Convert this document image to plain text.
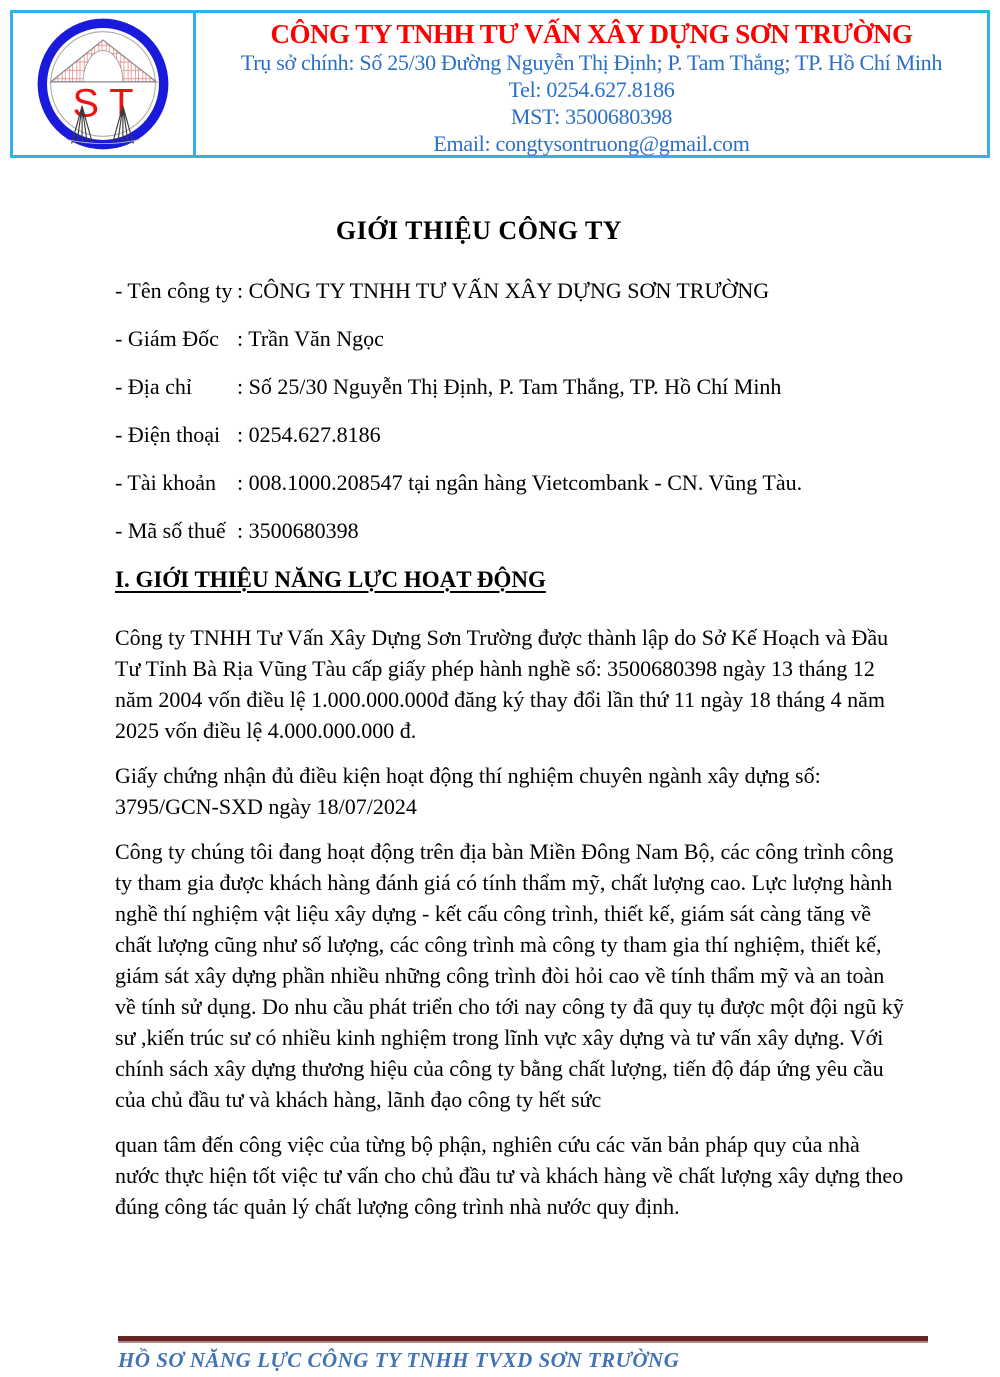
S T
CÔNG TY TNHH TƯ VẤN XÂY DỰNG SƠN TRƯỜNG
Trụ sở chính: Số 25/30 Đường Nguyễn Thị Định; P. Tam Thắng; TP. Hồ Chí Minh
Tel: 0254.627.8186
MST: 3500680398
Email: congtysontruong@gmail.com
GIỚI THIỆU CÔNG TY
- Tên công ty : CÔNG TY TNHH TƯ VẤN XÂY DỰNG SƠN TRƯỜNG
- Giám Đốc : Trần Văn Ngọc
- Địa chỉ : Số 25/30 Nguyễn Thị Định, P. Tam Thắng, TP. Hồ Chí Minh
- Điện thoại : 0254.627.8186
- Tài khoản : 008.1000.208547 tại ngân hàng Vietcombank - CN. Vũng Tàu.
- Mã số thuế : 3500680398
I. GIỚI THIỆU NĂNG LỰC HOẠT ĐỘNG

Công ty TNHH Tư Vấn Xây Dựng Sơn Trường được thành lập do Sở Kế Hoạch và Đầu Tư Tỉnh Bà Rịa Vũng Tàu cấp giấy phép hành nghề số: 3500680398 ngày 13 tháng 12 năm 2004 vốn điều lệ 1.000.000.000đ đăng ký thay đổi lần thứ 11 ngày 18 tháng 4 năm 2025 vốn điều lệ 4.000.000.000 đ.

Giấy chứng nhận đủ điều kiện hoạt động thí nghiệm chuyên ngành xây dựng số: 3795/GCN-SXD ngày 18/07/2024

Công ty chúng tôi đang hoạt động trên địa bàn Miền Đông Nam Bộ, các công trình công ty tham gia được khách hàng đánh giá có tính thẩm mỹ, chất lượng cao. Lực lượng hành nghề thí nghiệm vật liệu xây dựng - kết cấu công trình, thiết kế, giám sát càng tăng về chất lượng cũng như số lượng, các công trình mà công ty tham gia thí nghiệm, thiết kế, giám sát xây dựng phần nhiều những công trình đòi hỏi cao về tính thẩm mỹ và an toàn về tính sử dụng. Do nhu cầu phát triển cho tới nay công ty đã quy tụ được một đội ngũ kỹ sư ,kiến trúc sư có nhiều kinh nghiệm trong lĩnh vực xây dựng và tư vấn xây dựng. Với chính sách xây dựng thương hiệu của công ty bằng chất lượng, tiến độ đáp ứng yêu cầu của chủ đầu tư và khách hàng, lãnh đạo công ty hết sức

quan tâm đến công việc của từng bộ phận, nghiên cứu các văn bản pháp quy của nhà nước thực hiện tốt việc tư vấn cho chủ đầu tư và khách hàng về chất lượng xây dựng theo đúng công tác quản lý chất lượng công trình nhà nước quy định.

HỒ SƠ NĂNG LỰC CÔNG TY TNHH TVXD SƠN TRƯỜNG
